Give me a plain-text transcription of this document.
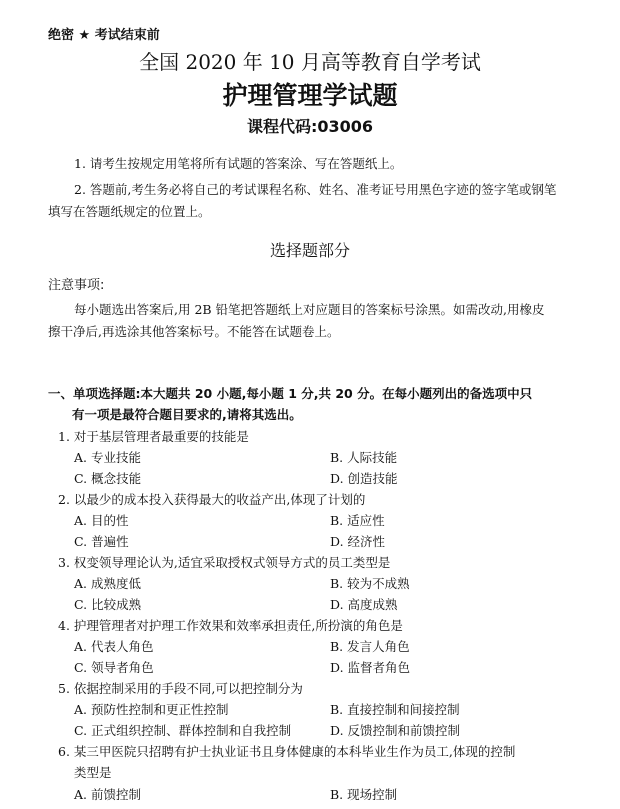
绝密 ★ 考试结束前
全国 2020 年 10 月高等教育自学考试
护理管理学试题
课程代码:03006
1. 请考生按规定用笔将所有试题的答案涂、写在答题纸上。
2. 答题前,考生务必将自己的考试课程名称、姓名、准考证号用黑色字迹的签字笔或钢笔
填写在答题纸规定的位置上。
选择题部分
注意事项:
每小题选出答案后,用 2B 铅笔把答题纸上对应题目的答案标号涂黑。如需改动,用橡皮
擦干净后,再选涂其他答案标号。不能答在试题卷上。
一、单项选择题:本大题共 20 小题,每小题 1 分,共 20 分。在每小题列出的备选项中只
有一项是最符合题目要求的,请将其选出。
1. 对于基层管理者最重要的技能是
A. 专业技能	B. 人际技能
C. 概念技能	D. 创造技能
2. 以最少的成本投入获得最大的收益产出,体现了计划的
A. 目的性	B. 适应性
C. 普遍性	D. 经济性
3. 权变领导理论认为,适宜采取授权式领导方式的员工类型是
A. 成熟度低	B. 较为不成熟
C. 比较成熟	D. 高度成熟
4. 护理管理者对护理工作效果和效率承担责任,所扮演的角色是
A. 代表人角色	B. 发言人角色
C. 领导者角色	D. 监督者角色
5. 依据控制采用的手段不同,可以把控制分为
A. 预防性控制和更正性控制	B. 直接控制和间接控制
C. 正式组织控制、群体控制和自我控制	D. 反馈控制和前馈控制
6. 某三甲医院只招聘有护士执业证书且身体健康的本科毕业生作为员工,体现的控制
类型是
A. 前馈控制	B. 现场控制
